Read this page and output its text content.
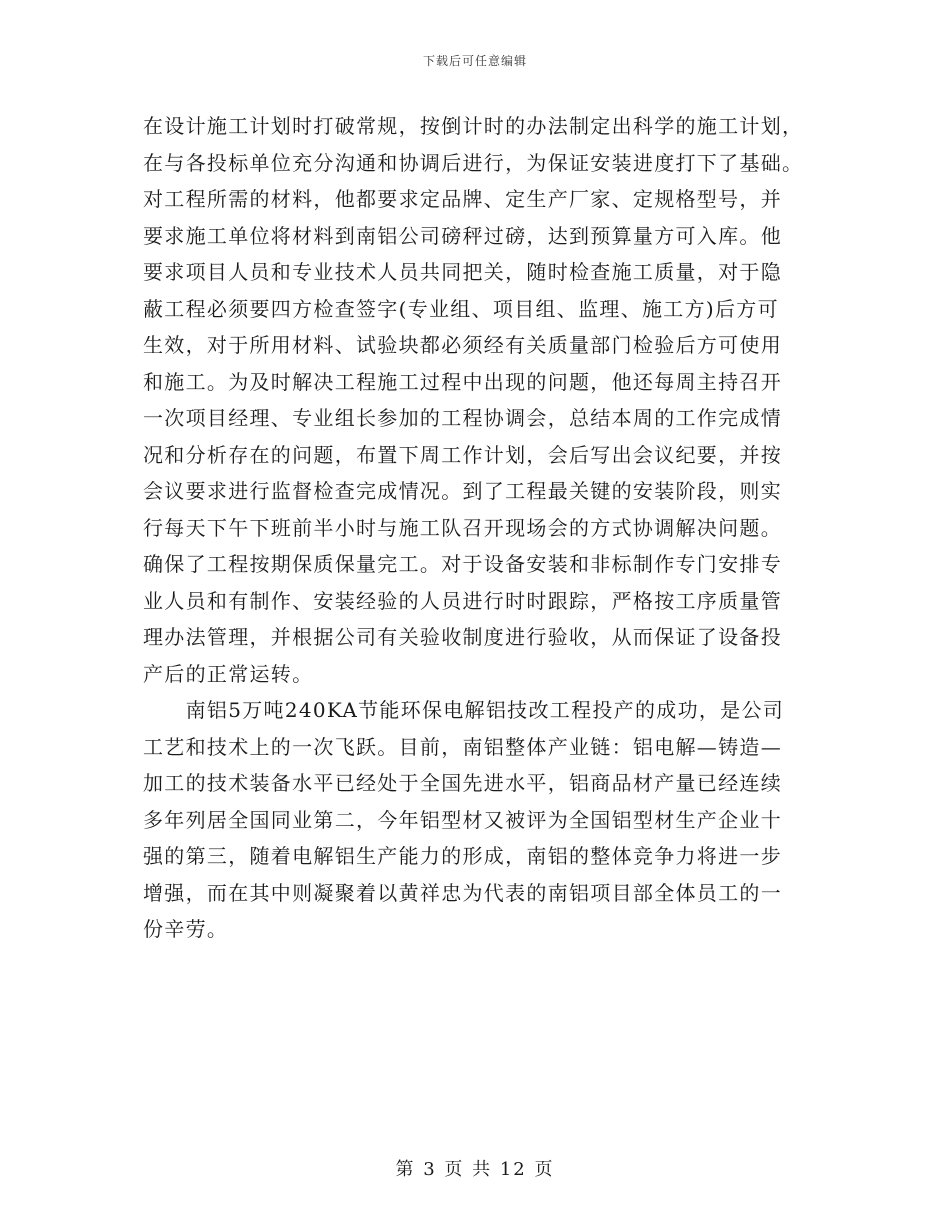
下载后可任意编辑
在设计施工计划时打破常规，按倒计时的办法制定出科学的施工计划，
在与各投标单位充分沟通和协调后进行，为保证安装进度打下了基础。
对工程所需的材料，他都要求定品牌、定生产厂家、定规格型号，并
要求施工单位将材料到南铝公司磅秤过磅，达到预算量方可入库。他
要求项目人员和专业技术人员共同把关，随时检查施工质量，对于隐
蔽工程必须要四方检查签字(专业组、项目组、监理、施工方)后方可
生效，对于所用材料、试验块都必须经有关质量部门检验后方可使用
和施工。为及时解决工程施工过程中出现的问题，他还每周主持召开
一次项目经理、专业组长参加的工程协调会，总结本周的工作完成情
况和分析存在的问题，布置下周工作计划，会后写出会议纪要，并按
会议要求进行监督检查完成情况。到了工程最关键的安装阶段，则实
行每天下午下班前半小时与施工队召开现场会的方式协调解决问题。
确保了工程按期保质保量完工。对于设备安装和非标制作专门安排专
业人员和有制作、安装经验的人员进行时时跟踪，严格按工序质量管
理办法管理，并根据公司有关验收制度进行验收，从而保证了设备投
产后的正常运转。
　　南铝5万吨240KA节能环保电解铝技改工程投产的成功，是公司
工艺和技术上的一次飞跃。目前，南铝整体产业链：铝电解—铸造—
加工的技术装备水平已经处于全国先进水平，铝商品材产量已经连续
多年列居全国同业第二，今年铝型材又被评为全国铝型材生产企业十
强的第三，随着电解铝生产能力的形成，南铝的整体竞争力将进一步
增强，而在其中则凝聚着以黄祥忠为代表的南铝项目部全体员工的一
份辛劳。
第 3 页 共 12 页
